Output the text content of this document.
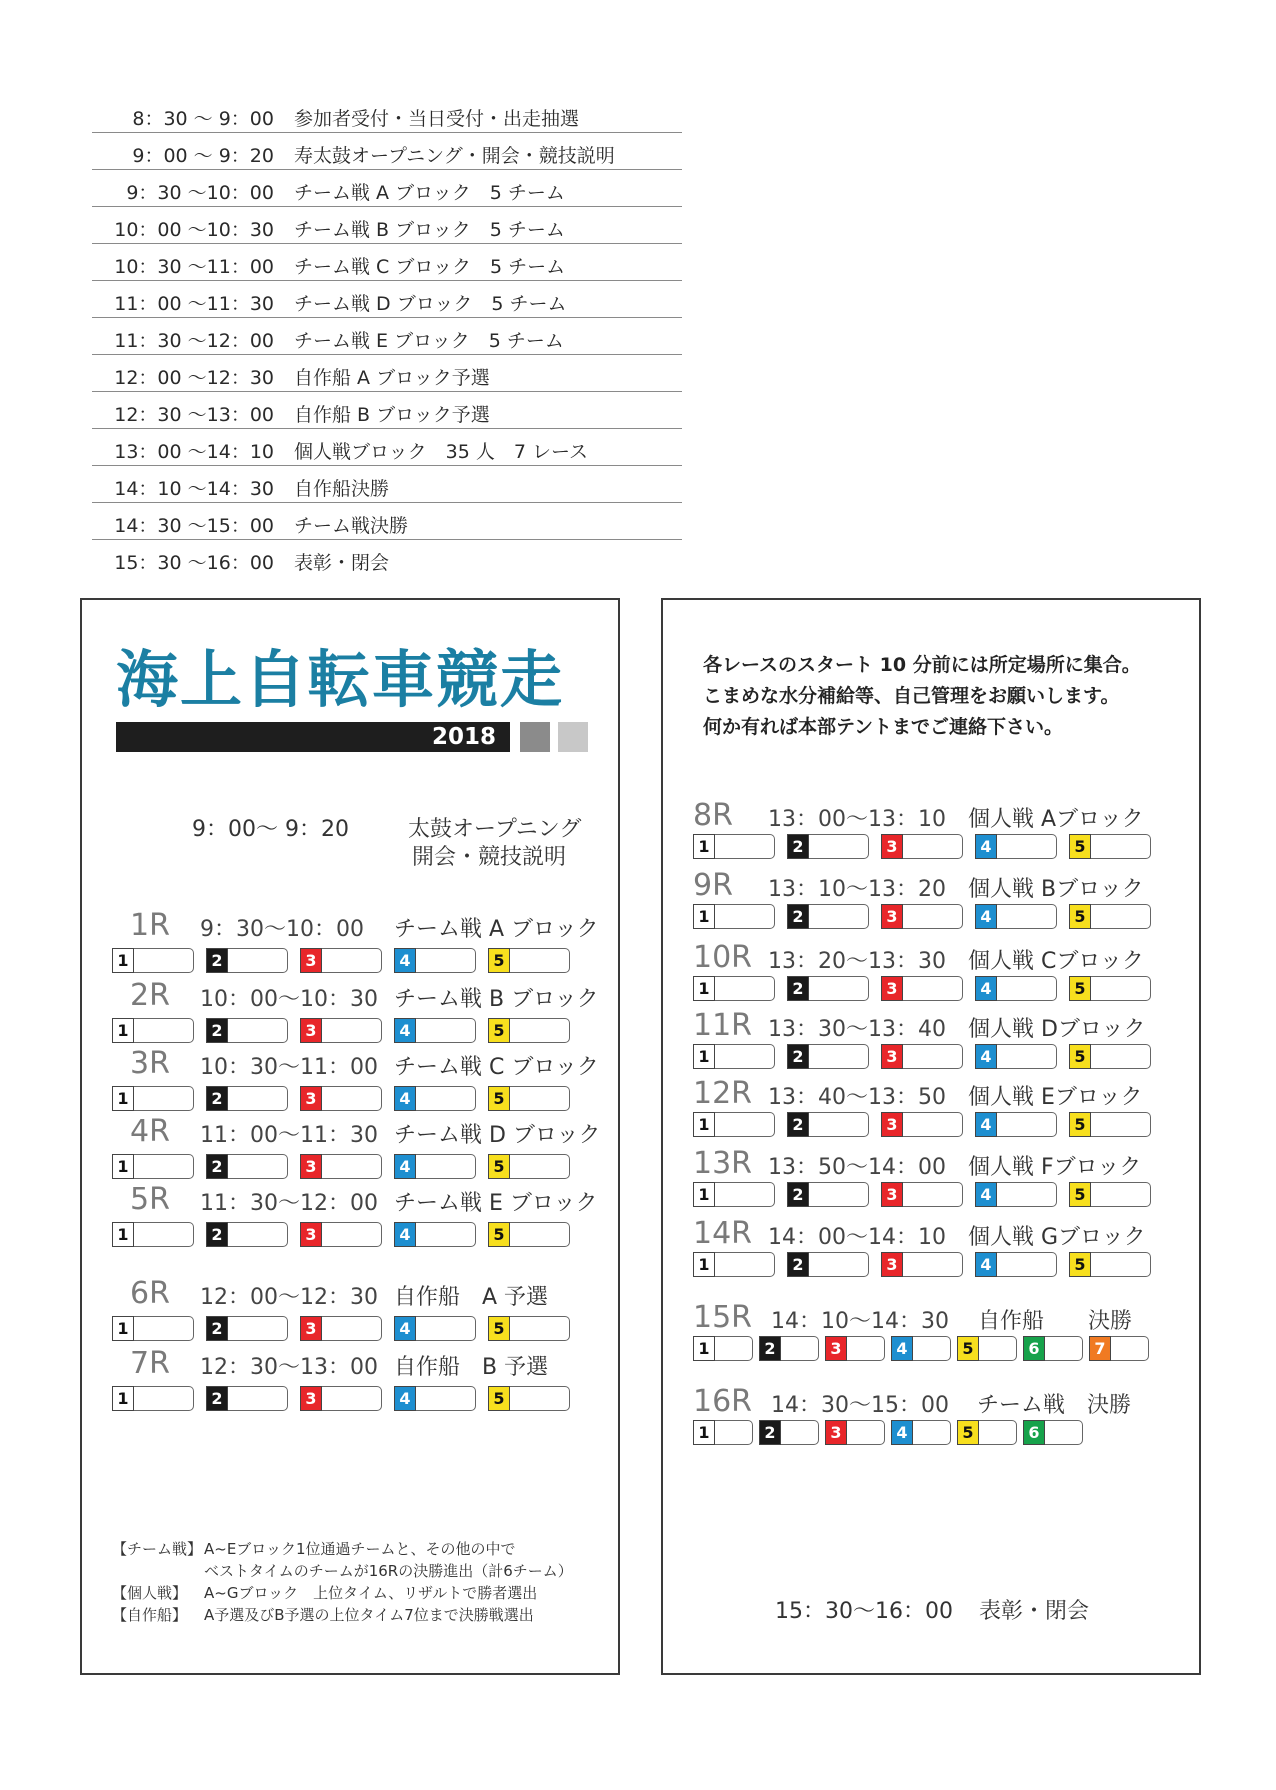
8：30 ～ 9：00 参加者受付・当日受付・出走抽選
9：00 ～ 9：20 寿太鼓オープニング・開会・競技説明
9：30 ～10：00 チーム戦 A ブロック　5 チーム
10：00 ～10：30 チーム戦 B ブロック　5 チーム
10：30 ～11：00 チーム戦 C ブロック　5 チーム
11：00 ～11：30 チーム戦 D ブロック　5 チーム
11：30 ～12：00 チーム戦 E ブロック　5 チーム
12：00 ～12：30 自作船 A ブロック予選
12：30 ～13：00 自作船 B ブロック予選
13：00 ～14：10 個人戦ブロック　35 人　7 レース
14：10 ～14：30 自作船決勝
14：30 ～15：00 チーム戦決勝
15：30 ～16：00 表彰・閉会
海上自転車競走
2018
9：00～ 9：20	太鼓オープニング
開会・競技説明
1R 9：30～10：00 チーム戦 A ブロック
1	2	3	4	5
2R 10：00～10：30 チーム戦 B ブロック
1	2	3	4	5
3R 10：30～11：00 チーム戦 C ブロック
1	2	3	4	5
4R 11：00～11：30 チーム戦 D ブロック
1	2	3	4	5
5R 11：30～12：00 チーム戦 E ブロック
1	2	3	4	5
6R 12：00～12：30 自作船　A 予選
1	2	3	4	5
7R 12：30～13：00 自作船　B 予選
1	2	3	4	5
【チーム戦】 A~Eブロック1位通過チームと、その他の中で
ベストタイムのチームが16Rの決勝進出（計6チーム）
【個人戦】 A~Gブロック　上位タイム、リザルトで勝者選出
【自作船】 A予選及びB予選の上位タイム7位まで決勝戦選出
各レースのスタート 10 分前には所定場所に集合。
こまめな水分補給等、自己管理をお願いします。
何か有れば本部テントまでご連絡下さい。
8R 13：00～13：10 個人戦 Aブロック
1	2	3	4	5
9R 13：10～13：20 個人戦 Bブロック
1	2	3	4	5
10R 13：20～13：30 個人戦 Cブロック
1	2	3	4	5
11R 13：30～13：40 個人戦 Dブロック
1	2	3	4	5
12R 13：40～13：50 個人戦 Eブロック
1	2	3	4	5
13R 13：50～14：00 個人戦 Fブロック
1	2	3	4	5
14R 14：00～14：10 個人戦 Gブロック
1	2	3	4	5
15R 14：10～14：30 自作船　　決勝
1	2	3	4	5	6	7
16R 14：30～15：00 チーム戦　決勝
1	2	3	4	5	6
15：30～16：00 表彰・閉会
